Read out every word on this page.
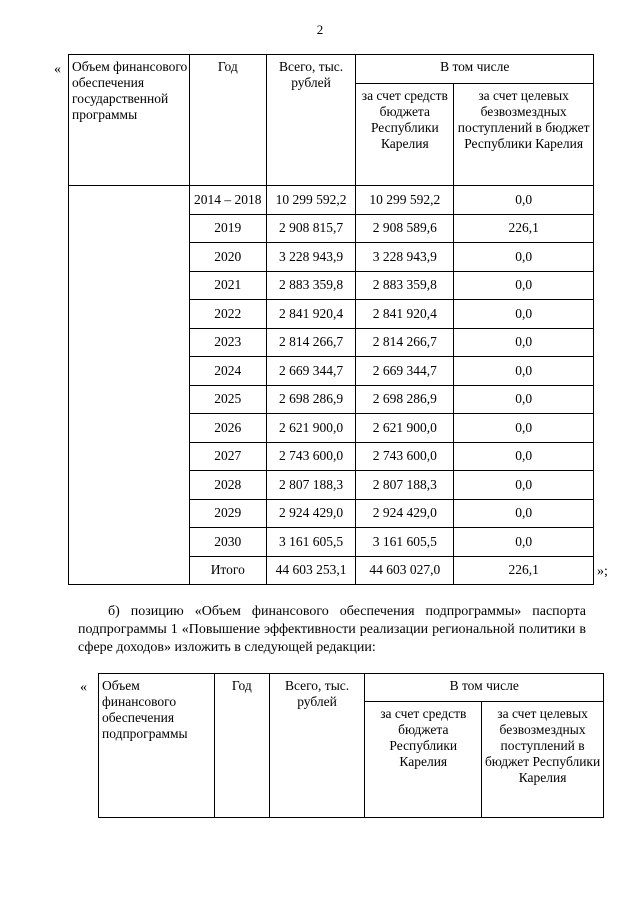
2
« Объем финансового обеспечения государственной программы	Год	Всего, тыс. рублей	В том числе	
			за счет средств бюджета Республики Карелия	за счет целевых безвозмездных поступлений в бюджет Республики Карелия
	2014 – 2018	10 299 592,2	10 299 592,2	0,0
	2019	2 908 815,7	2 908 589,6	226,1
	2020	3 228 943,9	3 228 943,9	0,0
	2021	2 883 359,8	2 883 359,8	0,0
	2022	2 841 920,4	2 841 920,4	0,0
	2023	2 814 266,7	2 814 266,7	0,0
	2024	2 669 344,7	2 669 344,7	0,0
	2025	2 698 286,9	2 698 286,9	0,0
	2026	2 621 900,0	2 621 900,0	0,0
	2027	2 743 600,0	2 743 600,0	0,0
	2028	2 807 188,3	2 807 188,3	0,0
	2029	2 924 429,0	2 924 429,0	0,0
	2030	3 161 605,5	3 161 605,5	0,0
	Итого	44 603 253,1	44 603 027,0	226,1	»;
б) позицию «Объем финансового обеспечения подпрограммы» паспорта подпрограммы 1 «Повышение эффективности реализации региональной политики в сфере доходов» изложить в следующей редакции:
« Объем финансового обеспечения подпрограммы	Год	Всего, тыс. рублей	В том числе	
			за счет средств бюджета Республики Карелия	за счет целевых безвозмездных поступлений в бюджет Республики Карелия
